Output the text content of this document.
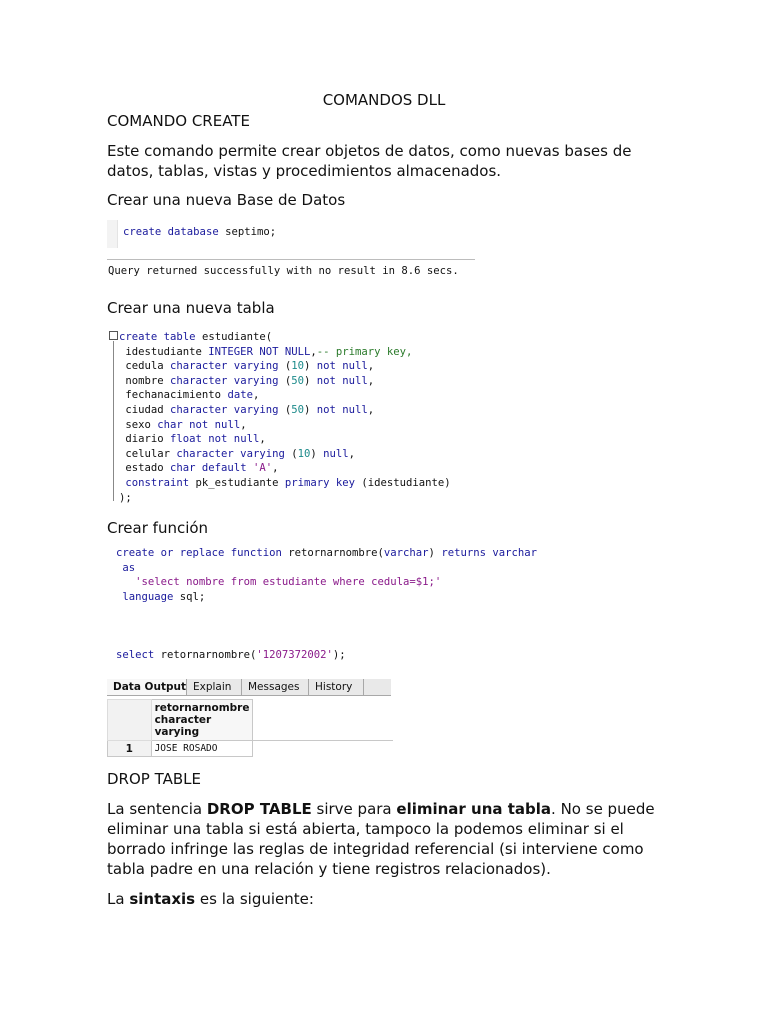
COMANDOS DLL
COMANDO CREATE

Este comando permite crear objetos de datos, como nuevas bases de datos, tablas, vistas y procedimientos almacenados.

Crear una nueva Base de Datos
create database septimo;
Query returned successfully with no result in 8.6 secs.
Crear una nueva tabla
create table estudiante(
idestudiante INTEGER NOT NULL,-- primary key,
cedula character varying (10) not null,
nombre character varying (50) not null,
fechanacimiento date,
ciudad character varying (50) not null,
sexo char not null,
diario float not null,
celular character varying (10) null,
estado char default 'A',
constraint pk_estudiante primary key (idestudiante)
);
Crear función
create or replace function retornarnombre(varchar) returns varchar
as
'select nombre from estudiante where cedula=$1;'
language sql;
select retornarnombre('1207372002');
Data Output Explain	Messages	History
	retornarnombre
character varying	
1	JOSE ROSADO	
DROP TABLE

La sentencia DROP TABLE sirve para eliminar una tabla. No se puede eliminar una tabla si está abierta, tampoco la podemos eliminar si el borrado infringe las reglas de integridad referencial (si interviene como tabla padre en una relación y tiene registros relacionados).

La sintaxis es la siguiente:
